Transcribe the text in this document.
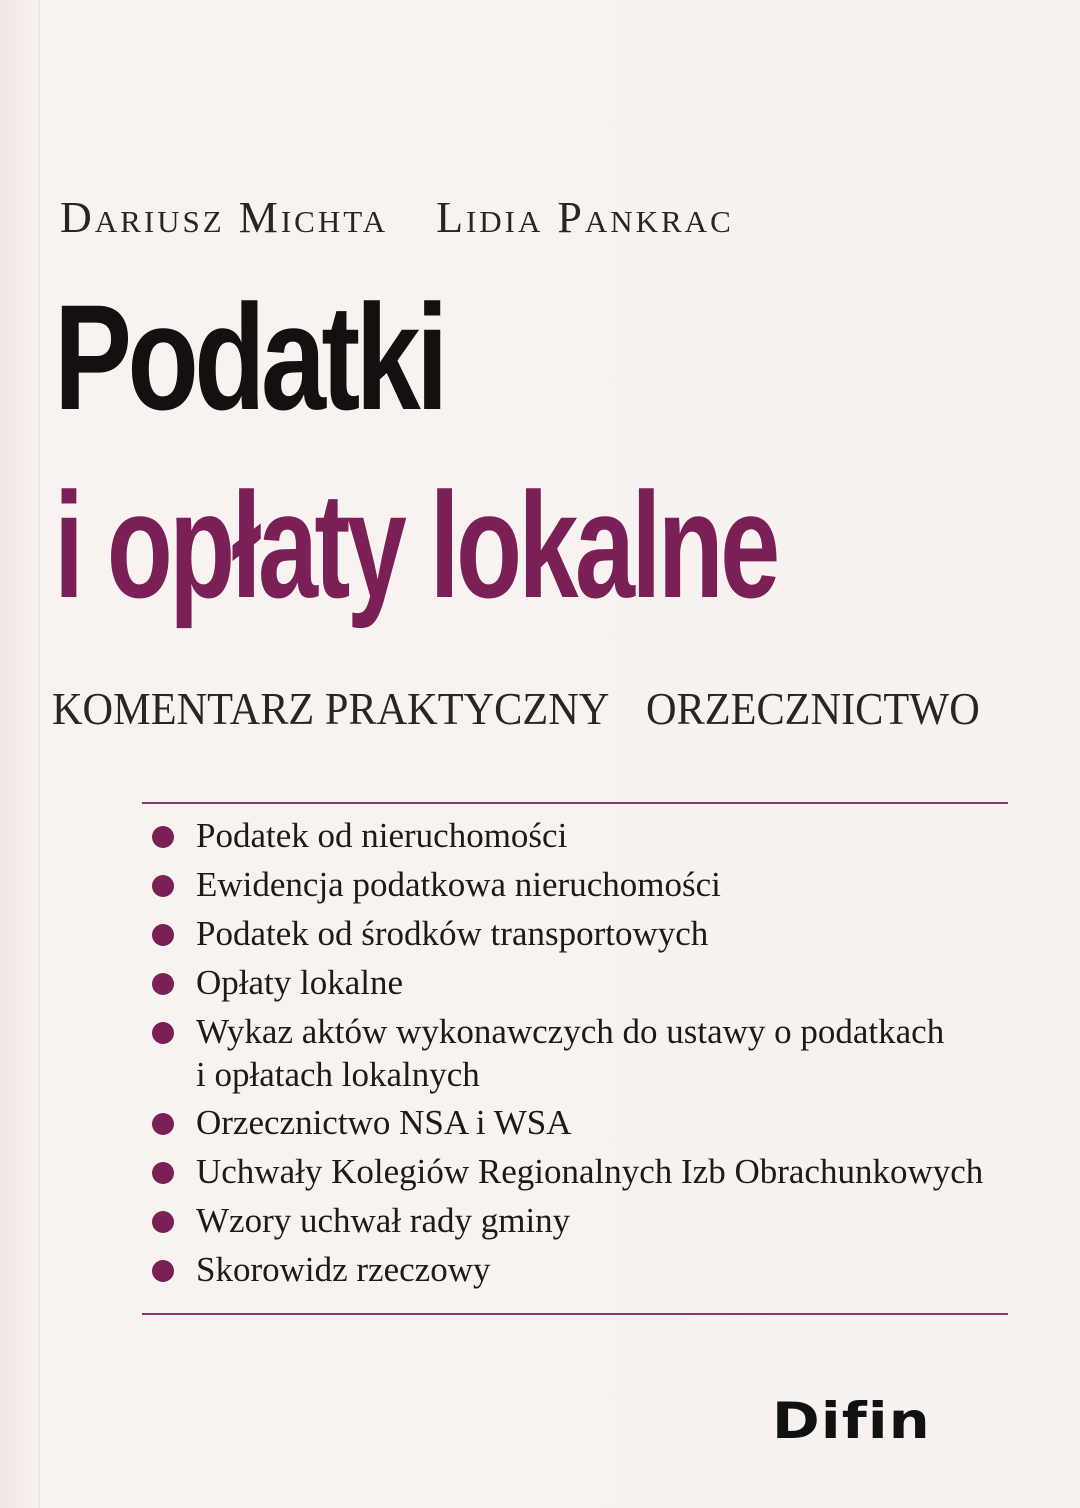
Dariusz Michta Lidia Pankrac
Podatki
i opłaty lokalne
KOMENTARZ PRAKTYCZNY ORZECZNICTWO
Podatek od nieruchomości
Ewidencja podatkowa nieruchomości
Podatek od środków transportowych
Opłaty lokalne
Wykaz aktów wykonawczych do ustawy o podatkach
i opłatach lokalnych
Orzecznictwo NSA i WSA
Uchwały Kolegiów Regionalnych Izb Obrachunkowych
Wzory uchwał rady gminy
Skorowidz rzeczowy
Difin
